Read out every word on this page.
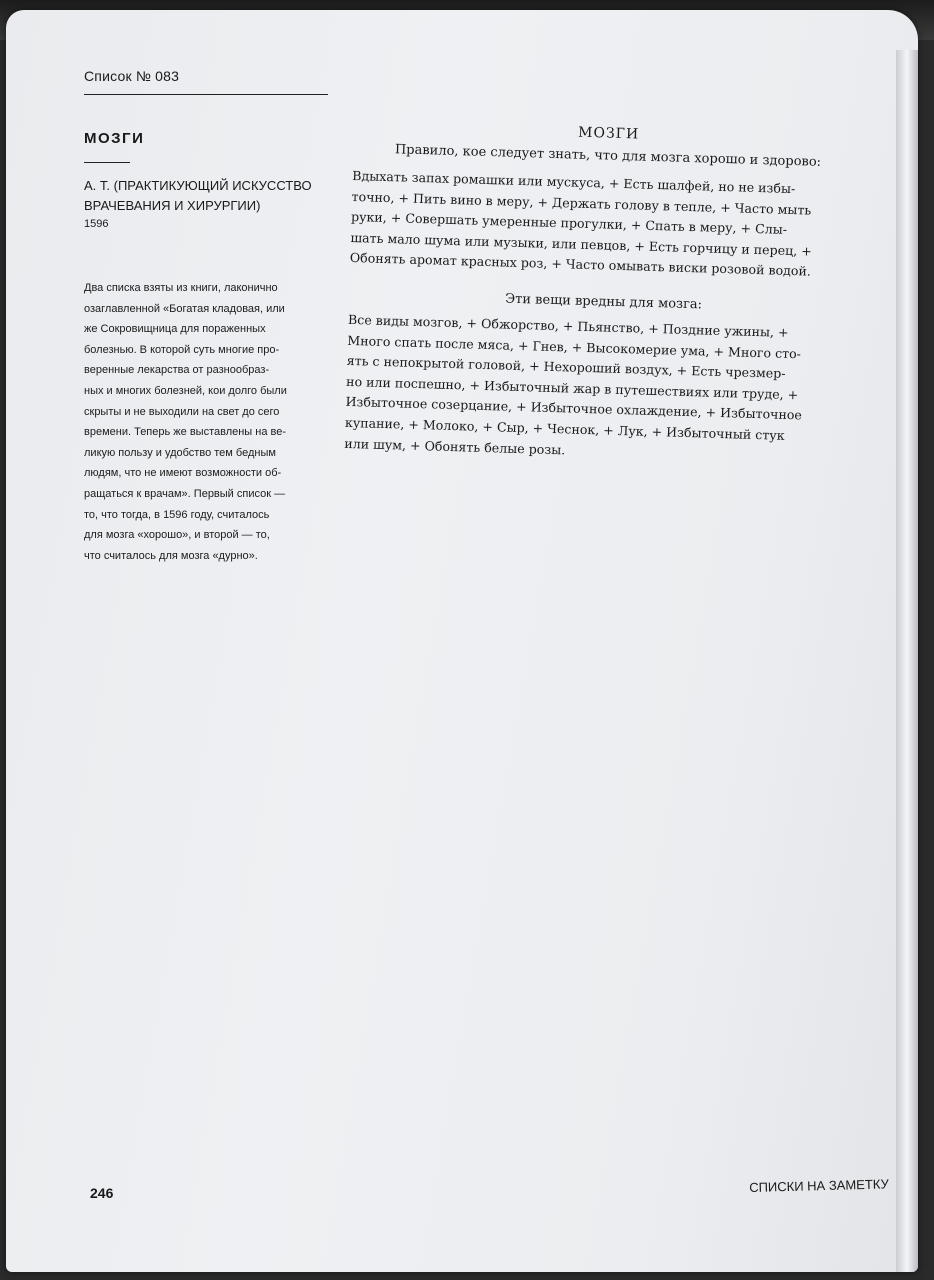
Список № 083
МОЗГИ
А. Т. (ПРАКТИКУЮЩИЙ ИСКУССТВО ВРАЧЕВАНИЯ И ХИРУРГИИ)
1596
Два списка взяты из книги, лаконично
озаглавленной «Богатая кладовая, или
же Сокровищница для пораженных
болезнью. В которой суть многие про-
веренные лекарства от разнообраз-
ных и многих болезней, кои долго были
скрыты и не выходили на свет до сего
времени. Теперь же выставлены на ве-
ликую пользу и удобство тем бедным
людям, что не имеют возможности об-
ращаться к врачам». Первый список —
то, что тогда, в 1596 году, считалось
для мозга «хорошо», и второй — то,
что считалось для мозга «дурно».
МОЗГИ
Правило, кое следует знать, что для мозга хорошо и здорово:

Вдыхать запах ромашки или мускуса, + Есть шалфей, но не избы-
точно, + Пить вино в меру, + Держать голову в тепле, + Часто мыть
руки, + Совершать умеренные прогулки, + Спать в меру, + Слы-
шать мало шума или музыки, или певцов, + Есть горчицу и перец, +
Обонять аромат красных роз, + Часто омывать виски розовой водой.

Эти вещи вредны для мозга:

Все виды мозгов, + Обжорство, + Пьянство, + Поздние ужины, +
Много спать после мяса, + Гнев, + Высокомерие ума, + Много сто-
ять с непокрытой головой, + Нехороший воздух, + Есть чрезмер-
но или поспешно, + Избыточный жар в путешествиях или труде, +
Избыточное созерцание, + Избыточное охлаждение, + Избыточное
купание, + Молоко, + Сыр, + Чеснок, + Лук, + Избыточный стук
или шум, + Обонять белые розы.

246	СПИСКИ НА ЗАМЕТКУ
